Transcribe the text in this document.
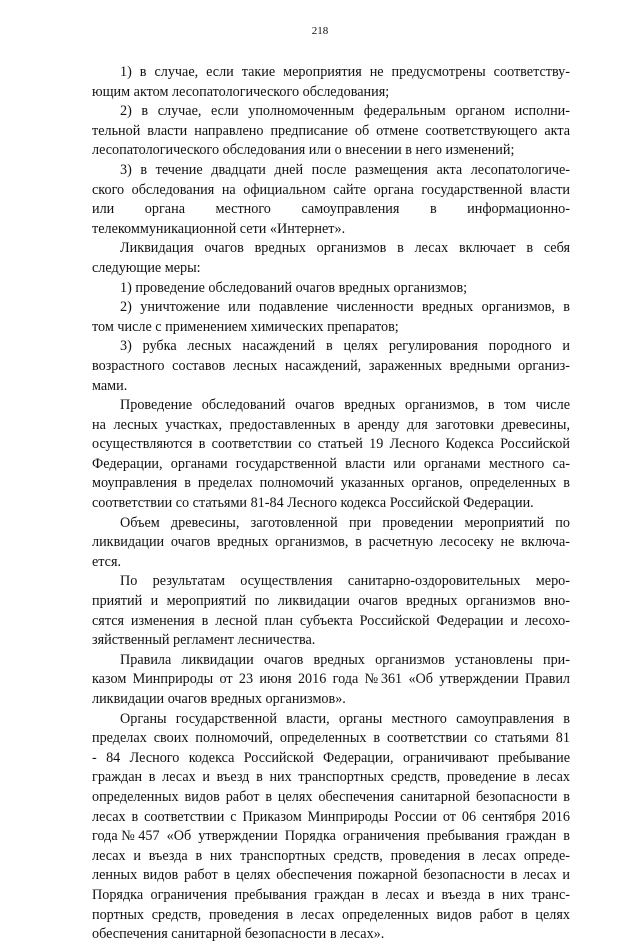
218
1) в случае, если такие мероприятия не предусмотрены соответству-
ющим актом лесопатологического обследования;
2) в случае, если уполномоченным федеральным органом исполни-
тельной власти направлено предписание об отмене соответствующего акта
лесопатологического обследования или о внесении в него изменений;
3) в течение двадцати дней после размещения акта лесопатологиче-
ского обследования на официальном сайте органа государственной власти
или органа местного самоуправления в информационно-
телекоммуникационной сети «Интернет».
Ликвидация очагов вредных организмов в лесах включает в себя
следующие меры:
1) проведение обследований очагов вредных организмов;
2) уничтожение или подавление численности вредных организмов, в
том числе с применением химических препаратов;
3) рубка лесных насаждений в целях регулирования породного и
возрастного составов лесных насаждений, зараженных вредными организ-
мами.
Проведение обследований очагов вредных организмов, в том числе
на лесных участках, предоставленных в аренду для заготовки древесины,
осуществляются в соответствии со статьей 19 Лесного Кодекса Российской
Федерации, органами государственной власти или органами местного са-
моуправления в пределах полномочий указанных органов, определенных в
соответствии со статьями 81-84 Лесного кодекса Российской Федерации.
Объем древесины, заготовленной при проведении мероприятий по
ликвидации очагов вредных организмов, в расчетную лесосеку не включа-
ется.
По результатам осуществления санитарно-оздоровительных меро-
приятий и мероприятий по ликвидации очагов вредных организмов вно-
сятся изменения в лесной план субъекта Российской Федерации и лесохо-
зяйственный регламент лесничества.
Правила ликвидации очагов вредных организмов установлены при-
казом Минприроды от 23 июня 2016 года №361 «Об утверждении Правил
ликвидации очагов вредных организмов».
Органы государственной власти, органы местного самоуправления в
пределах своих полномочий, определенных в соответствии со статьями 81
- 84 Лесного кодекса Российской Федерации, ограничивают пребывание
граждан в лесах и въезд в них транспортных средств, проведение в лесах
определенных видов работ в целях обеспечения санитарной безопасности в
лесах в соответствии с Приказом Минприроды России от 06 сентября 2016
года№457 «Об утверждении Порядка ограничения пребывания граждан в
лесах и въезда в них транспортных средств, проведения в лесах опреде-
ленных видов работ в целях обеспечения пожарной безопасности в лесах и
Порядка ограничения пребывания граждан в лесах и въезда в них транс-
портных средств, проведения в лесах определенных видов работ в целях
обеспечения санитарной безопасности в лесах».
